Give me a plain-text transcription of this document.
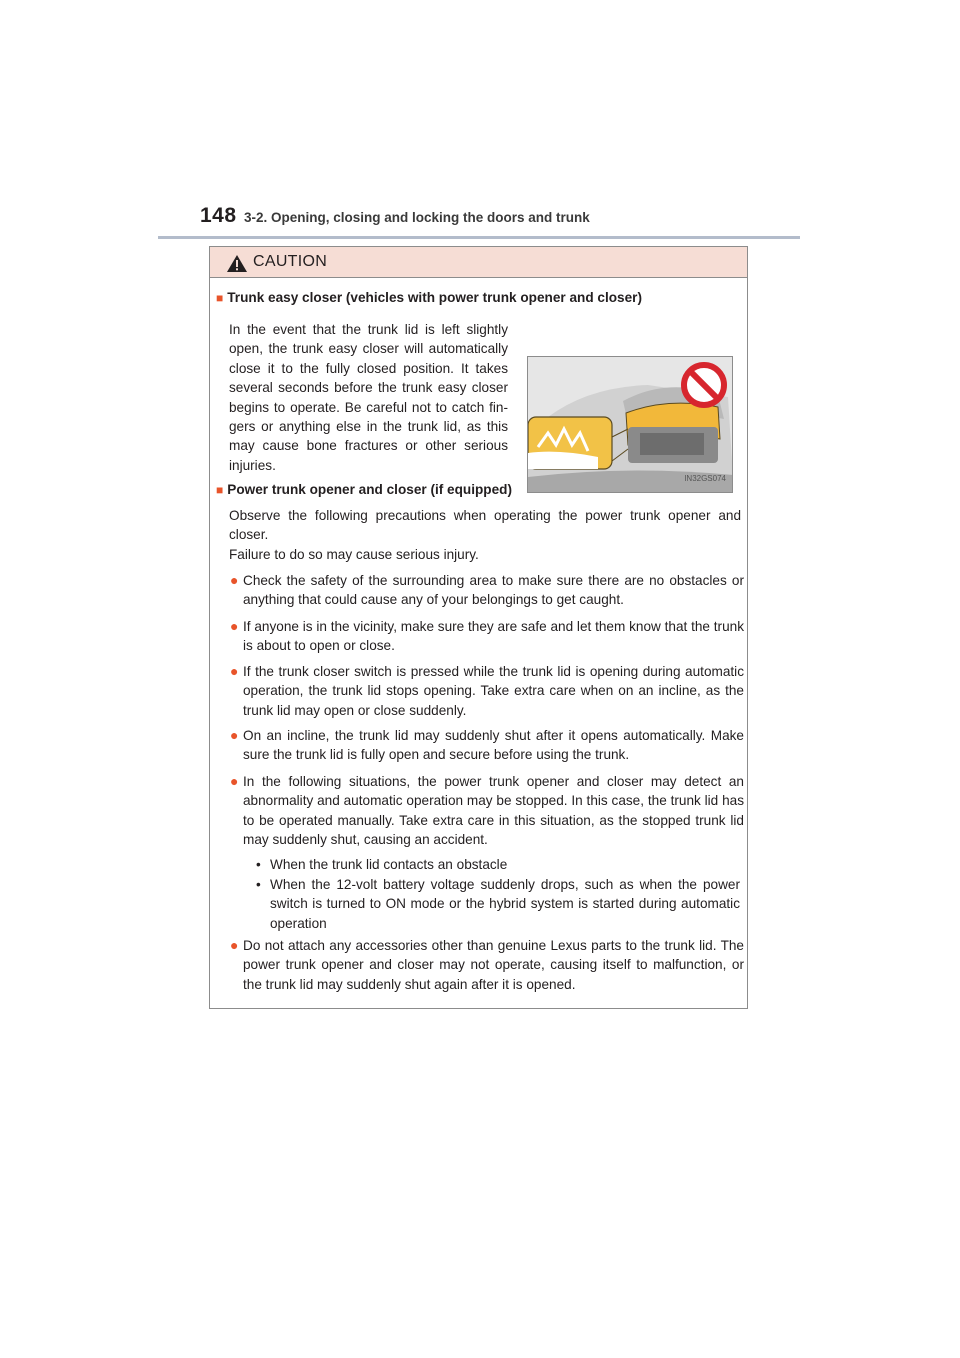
148 3-2. Opening, closing and locking the doors and trunk
CAUTION
■ Trunk easy closer (vehicles with power trunk opener and closer)
In the event that the trunk lid is left slightly open, the trunk easy closer will automatically close it to the fully closed position. It takes several seconds before the trunk easy closer begins to operate. Be careful not to catch fin-gers or anything else in the trunk lid, as this may cause bone fractures or other serious injuries.
IN32GS074
■ Power trunk opener and closer (if equipped)
Observe the following precautions when operating the power trunk opener and closer.
Failure to do so may cause serious injury.
● Check the safety of the surrounding area to make sure there are no obstacles or anything that could cause any of your belongings to get caught.
● If anyone is in the vicinity, make sure they are safe and let them know that the trunk is about to open or close.
● If the trunk closer switch is pressed while the trunk lid is opening during automatic operation, the trunk lid stops opening. Take extra care when on an incline, as the trunk lid may open or close suddenly.
● On an incline, the trunk lid may suddenly shut after it opens automatically. Make sure the trunk lid is fully open and secure before using the trunk.
● In the following situations, the power trunk opener and closer may detect an abnormality and automatic operation may be stopped. In this case, the trunk lid has to be operated manually. Take extra care in this situation, as the stopped trunk lid may suddenly shut, causing an accident.
• When the trunk lid contacts an obstacle
• When the 12-volt battery voltage suddenly drops, such as when the power switch is turned to ON mode or the hybrid system is started during automatic operation
● Do not attach any accessories other than genuine Lexus parts to the trunk lid. The power trunk opener and closer may not operate, causing itself to malfunction, or the trunk lid may suddenly shut again after it is opened.
